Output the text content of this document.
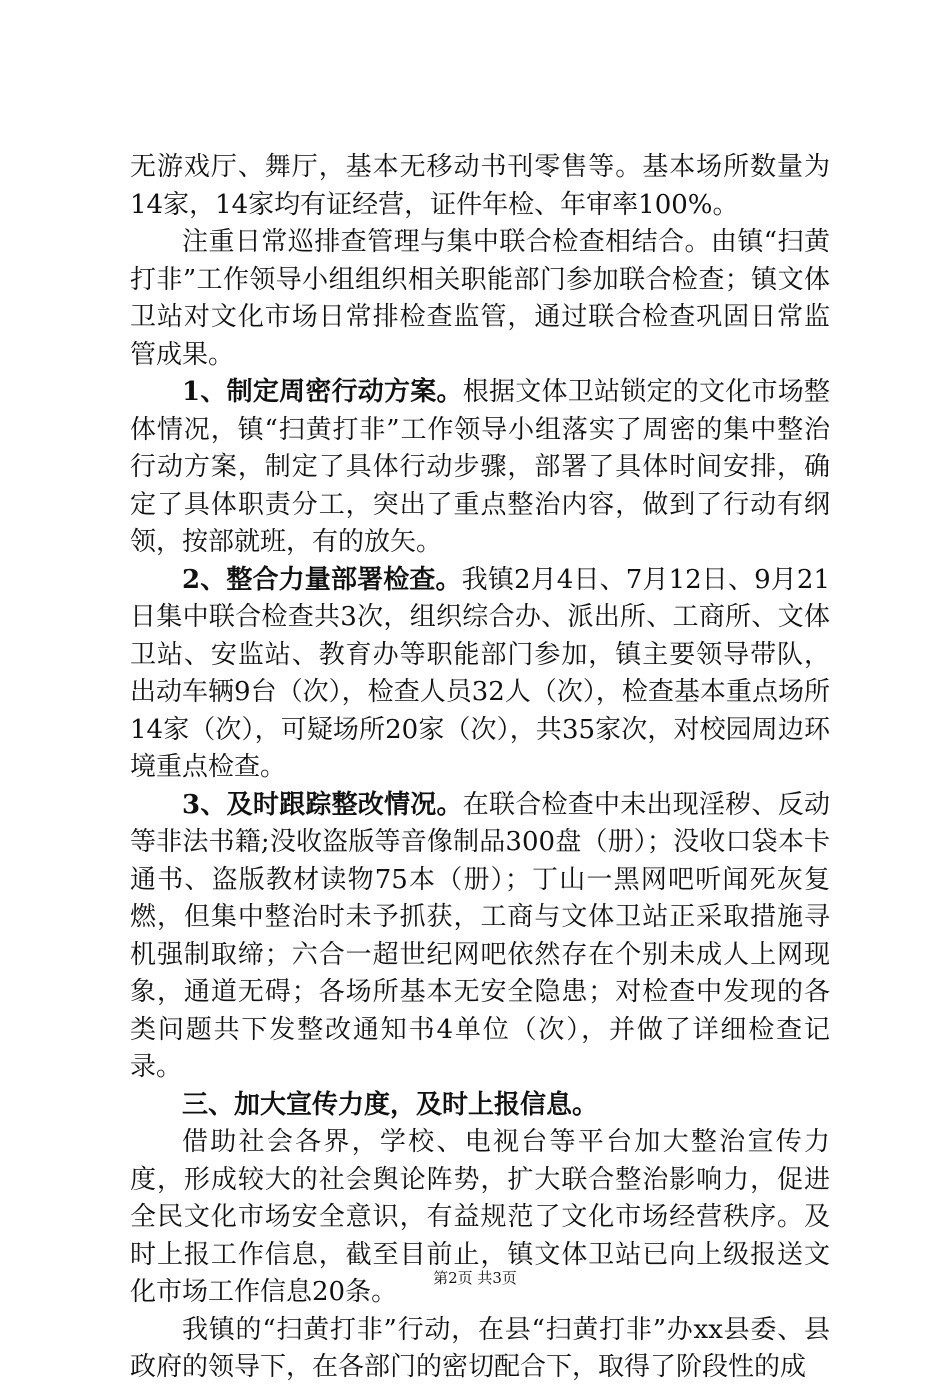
无游戏厅、舞厅，基本无移动书刊零售等。基本场所数量为14家，14家均有证经营，证件年检、年审率100%。

注重日常巡排查管理与集中联合检查相结合。由镇“扫黄打非”工作领导小组组织相关职能部门参加联合检查；镇文体卫站对文化市场日常排检查监管，通过联合检查巩固日常监管成果。

1、制定周密行动方案。根据文体卫站锁定的文化市场整体情况，镇“扫黄打非”工作领导小组落实了周密的集中整治行动方案，制定了具体行动步骤，部署了具体时间安排，确定了具体职责分工，突出了重点整治内容，做到了行动有纲领，按部就班，有的放矢。

2、整合力量部署检查。我镇2月4日、7月12日、9月21日集中联合检查共3次，组织综合办、派出所、工商所、文体卫站、安监站、教育办等职能部门参加，镇主要领导带队，出动车辆9台（次），检查人员32人（次），检查基本重点场所14家（次），可疑场所20家（次），共35家次，对校园周边环境重点检查。

3、及时跟踪整改情况。在联合检查中未出现淫秽、反动等非法书籍;没收盗版等音像制品300盘（册）；没收口袋本卡通书、盗版教材读物75本（册）；丁山一黑网吧听闻死灰复燃，但集中整治时未予抓获，工商与文体卫站正采取措施寻机强制取缔；六合一超世纪网吧依然存在个别未成人上网现象，通道无碍；各场所基本无安全隐患；对检查中发现的各类问题共下发整改通知书4单位（次），并做了详细检查记录。

三、加大宣传力度，及时上报信息。

借助社会各界，学校、电视台等平台加大整治宣传力度，形成较大的社会舆论阵势，扩大联合整治影响力，促进全民文化市场安全意识，有益规范了文化市场经营秩序。及时上报工作信息，截至目前止，镇文体卫站已向上级报送文化市场工作信息20条。

我镇的“扫黄打非”行动，在县“扫黄打非”办xx县委、县政府的领导下，在各部门的密切配合下，取得了阶段性的成

第2页 共3页
